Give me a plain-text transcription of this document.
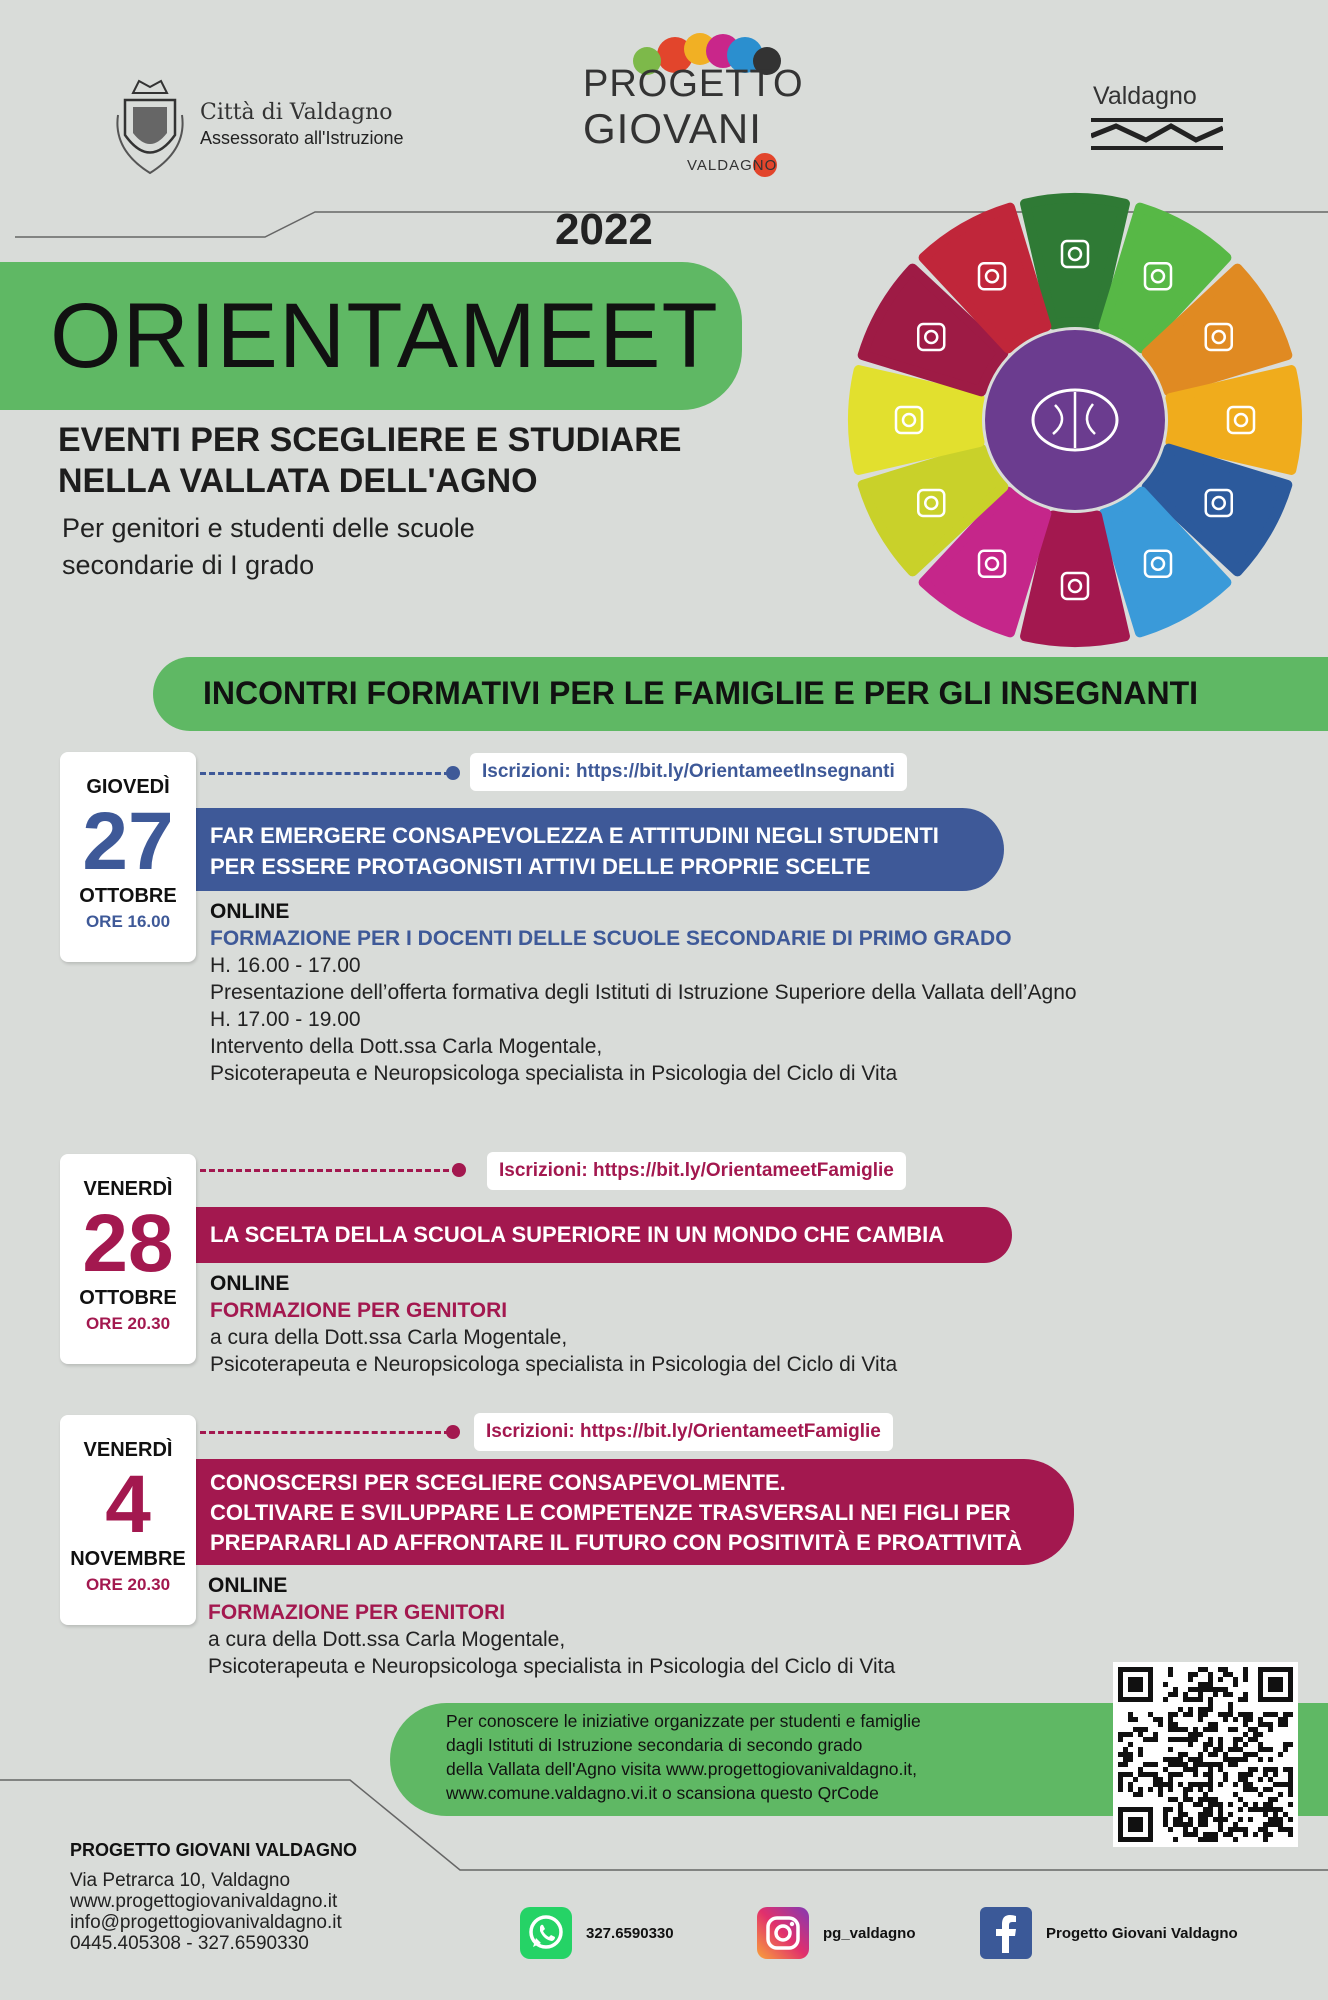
Città di Valdagno
Assessorato all'Istruzione
PROGETTO
GIOVANI
VALDAGNO
Valdagno
2022
ORIENTAMEET
EVENTI PER SCEGLIERE E STUDIARE
NELLA VALLATA DELL'AGNO
Per genitori e studenti delle scuole
secondarie di I grado
INCONTRI FORMATIVI PER LE FAMIGLIE E PER GLI INSEGNANTI
Iscrizioni: https://bit.ly/OrientameetInsegnanti
FAR EMERGERE CONSAPEVOLEZZA E ATTITUDINI NEGLI STUDENTI
PER ESSERE PROTAGONISTI ATTIVI DELLE PROPRIE SCELTE
GIOVEDÌ
27
OTTOBRE
ORE 16.00	ONLINE
FORMAZIONE PER I DOCENTI DELLE SCUOLE SECONDARIE DI PRIMO GRADO
H. 16.00 - 17.00
Presentazione dell’offerta formativa degli Istituti di Istruzione Superiore della Vallata dell’Agno
H. 17.00 - 19.00
Intervento della Dott.ssa Carla Mogentale,
Psicoterapeuta e Neuropsicologa specialista in Psicologia del Ciclo di Vita
Iscrizioni: https://bit.ly/OrientameetFamiglie
LA SCELTA DELLA SCUOLA SUPERIORE IN UN MONDO CHE CAMBIA
VENERDÌ
28
OTTOBRE
ORE 20.30
ONLINE
FORMAZIONE PER GENITORI
a cura della Dott.ssa Carla Mogentale,
Psicoterapeuta e Neuropsicologa specialista in Psicologia del Ciclo di Vita
Iscrizioni: https://bit.ly/OrientameetFamiglie
CONOSCERSI PER SCEGLIERE CONSAPEVOLMENTE.
COLTIVARE E SVILUPPARE LE COMPETENZE TRASVERSALI NEI FIGLI PER
PREPARARLI AD AFFRONTARE IL FUTURO CON POSITIVITÀ E PROATTIVITÀ
VENERDÌ
4
NOVEMBRE
ORE 20.30	ONLINE
FORMAZIONE PER GENITORI
a cura della Dott.ssa Carla Mogentale,
Psicoterapeuta e Neuropsicologa specialista in Psicologia del Ciclo di Vita
Per conoscere le iniziative organizzate per studenti e famiglie
dagli Istituti di Istruzione secondaria di secondo grado
della Vallata dell'Agno visita www.progettogiovanivaldagno.it,
www.comune.valdagno.vi.it o scansiona questo QrCode
PROGETTO GIOVANI VALDAGNO
Via Petrarca 10, Valdagno
www.progettogiovanivaldagno.it
info@progettogiovanivaldagno.it
0445.405308 - 327.6590330	327.6590330	pg_valdagno	Progetto Giovani Valdagno
